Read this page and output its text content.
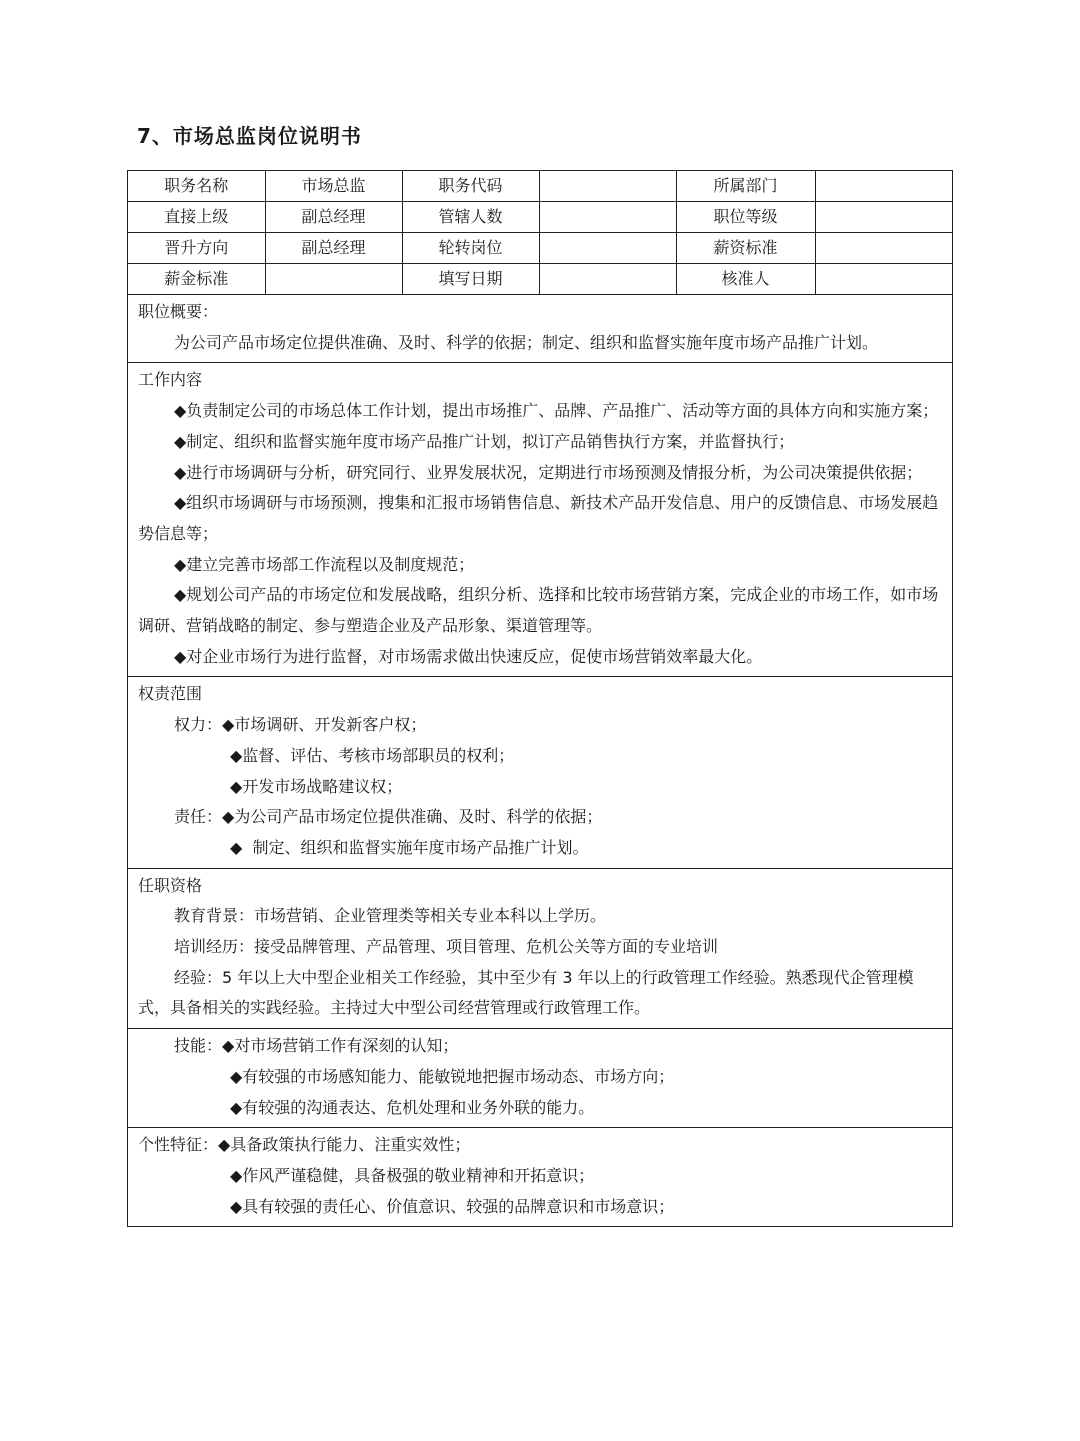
7、市场总监岗位说明书
职务名称	市场总监	职务代码		所属部门	
直接上级	副总经理	管辖人数		职位等级	
晋升方向	副总经理	轮转岗位		薪资标准	
薪金标准		填写日期		核准人	
职位概要：
为公司产品市场定位提供准确、及时、科学的依据；制定、组织和监督实施年度市场产品推广计划。
工作内容
◆负责制定公司的市场总体工作计划，提出市场推广、品牌、产品推广、活动等方面的具体方向和实施方案；
◆制定、组织和监督实施年度市场产品推广计划，拟订产品销售执行方案，并监督执行；
◆进行市场调研与分析，研究同行、业界发展状况，定期进行市场预测及情报分析，为公司决策提供依据；
◆组织市场调研与市场预测，搜集和汇报市场销售信息、新技术产品开发信息、用户的反馈信息、市场发展趋势信息等；
◆建立完善市场部工作流程以及制度规范；
◆规划公司产品的市场定位和发展战略，组织分析、选择和比较市场营销方案，完成企业的市场工作，如市场调研、营销战略的制定、参与塑造企业及产品形象、渠道管理等。
◆对企业市场行为进行监督，对市场需求做出快速反应，促使市场营销效率最大化。
权责范围
权力： ◆市场调研、开发新客户权；
◆监督、评估、考核市场部职员的权利；
◆开发市场战略建议权；
责任： ◆为公司产品市场定位提供准确、及时、科学的依据；
◆  制定、组织和监督实施年度市场产品推广计划。
任职资格
教育背景：市场营销、企业管理类等相关专业本科以上学历。
培训经历：接受品牌管理、产品管理、项目管理、危机公关等方面的专业培训
经验：5 年以上大中型企业相关工作经验，其中至少有 3 年以上的行政管理工作经验。熟悉现代企管理模式，具备相关的实践经验。主持过大中型公司经营管理或行政管理工作。
技能： ◆对市场营销工作有深刻的认知；
◆有较强的市场感知能力、能敏锐地把握市场动态、市场方向；
◆有较强的沟通表达、危机处理和业务外联的能力。
个性特征： ◆具备政策执行能力、注重实效性；
◆作风严谨稳健，具备极强的敬业精神和开拓意识；
◆具有较强的责任心、价值意识、较强的品牌意识和市场意识；
